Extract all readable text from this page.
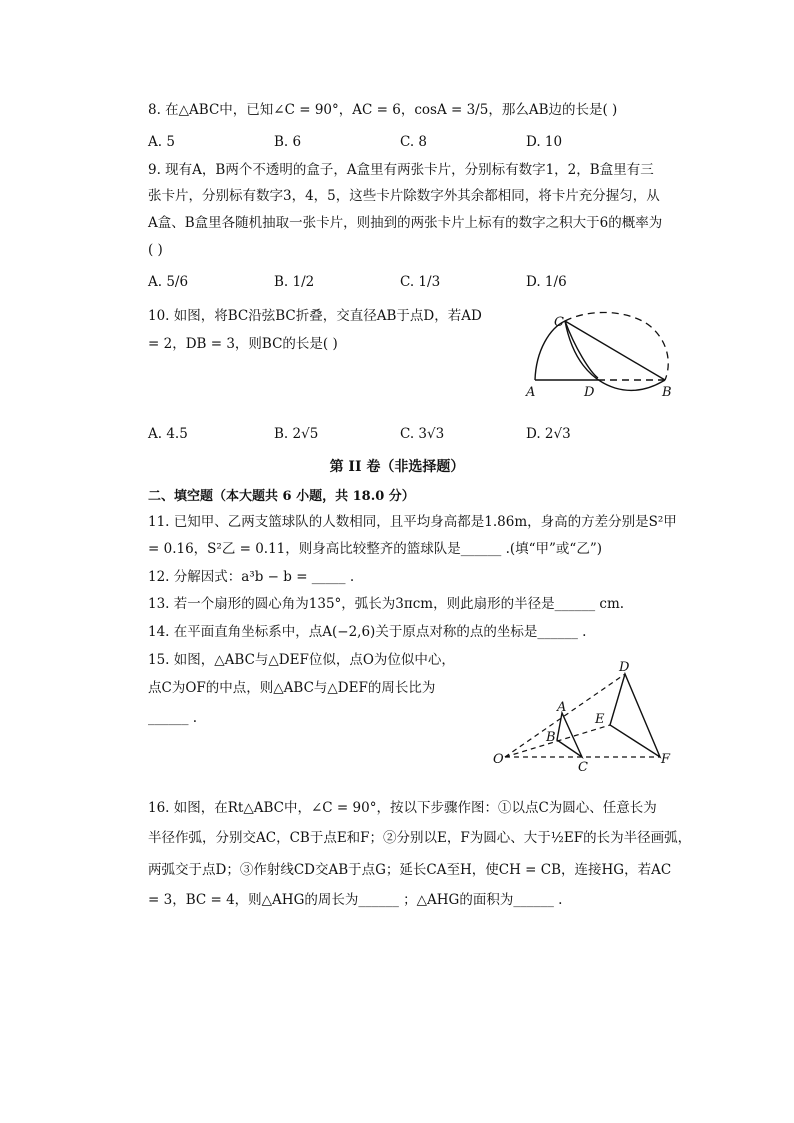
8. 在△ABC中，已知∠C = 90°，AC = 6，cosA = 3/5，那么AB边的长是( )
A. 5	B. 6	C. 8	D. 10
9. 现有A，B两个不透明的盒子，A盒里有两张卡片，分别标有数字1，2，B盒里有三
张卡片，分别标有数字3，4，5，这些卡片除数字外其余都相同，将卡片充分握匀，从
A盒、B盒里各随机抽取一张卡片，则抽到的两张卡片上标有的数字之积大于6的概率为
( )
A. 5/6	B. 1/2	C. 1/3	D. 1/6
10. 如图，将BC沿弦BC折叠，交直径AB于点D，若AD
= 2，DB = 3，则BC的长是( )
C
A	D	B
A. 4.5	B. 2√5	C. 3√3	D. 2√3
第 II 卷（非选择题）
二、填空题（本大题共 6 小题，共 18.0 分）
11. 已知甲、乙两支篮球队的人数相同，且平均身高都是1.86m，身高的方差分别是S²甲
= 0.16，S²乙 = 0.11，则身高比较整齐的篮球队是______ .(填“甲”或“乙”)
12. 分解因式：a³b − b = _____ .
13. 若一个扇形的圆心角为135°，弧长为3πcm，则此扇形的半径是______ cm.
14. 在平面直角坐标系中，点A(−2,6)关于原点对称的点的坐标是______ .
15. 如图，△ABC与△DEF位似，点O为位似中心，
点C为OF的中点，则△ABC与△DEF的周长比为
______ .
O
A
B
C
D
E
F
16. 如图，在Rt△ABC中，∠C = 90°，按以下步骤作图：①以点C为圆心、任意长为
半径作弧，分别交AC，CB于点E和F；②分别以E，F为圆心、大于½EF的长为半径画弧，
两弧交于点D；③作射线CD交AB于点G；延长CA至H，使CH = CB，连接HG，若AC
= 3，BC = 4，则△AHG的周长为______ ；△AHG的面积为______ .
